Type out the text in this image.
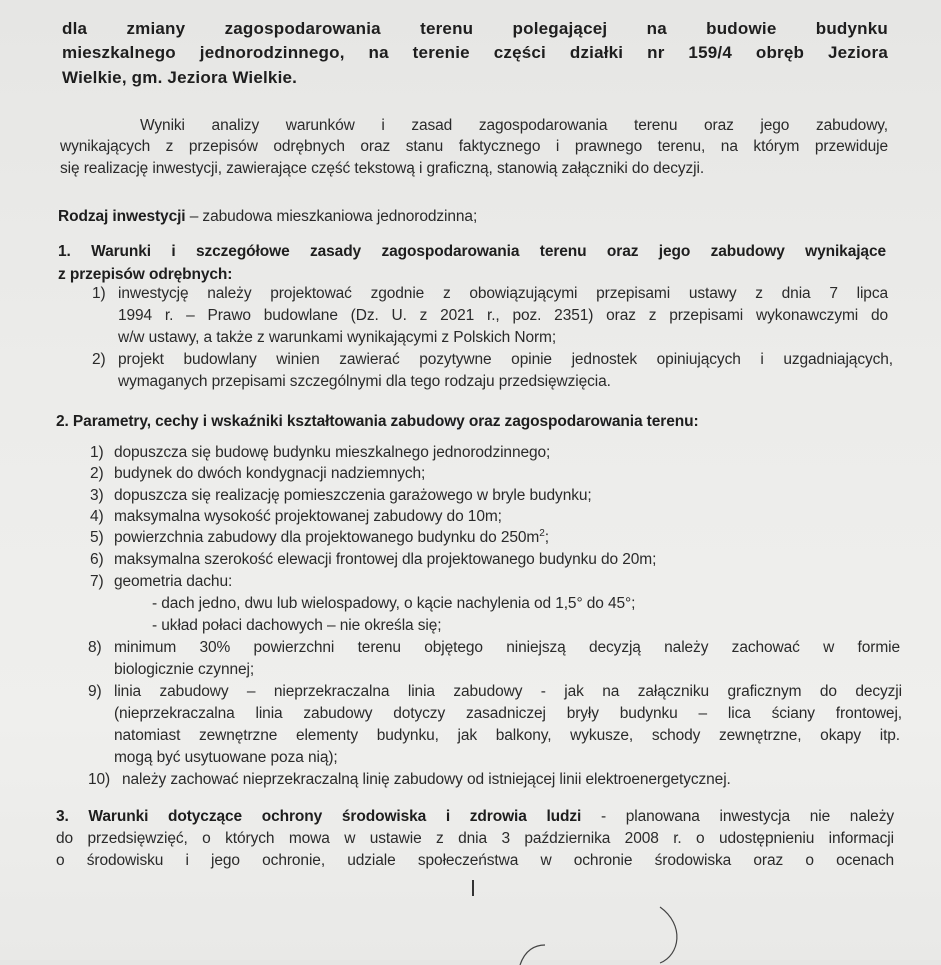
dla zmiany zagospodarowania terenu polegającej na budowie budynku
mieszkalnego jednorodzinnego, na terenie części działki nr 159/4 obręb Jeziora
Wielkie, gm. Jeziora Wielkie.
Wyniki analizy warunków i zasad zagospodarowania terenu oraz jego zabudowy,
wynikających z przepisów odrębnych oraz stanu faktycznego i prawnego terenu, na którym przewiduje
się realizację inwestycji, zawierające część tekstową i graficzną, stanowią załączniki do decyzji.
Rodzaj inwestycji – zabudowa mieszkaniowa jednorodzinna;
1. Warunki i szczegółowe zasady zagospodarowania terenu oraz jego zabudowy wynikające
z przepisów odrębnych:
1) inwestycję należy projektować zgodnie z obowiązującymi przepisami ustawy z dnia 7 lipca
1994 r. – Prawo budowlane (Dz. U. z 2021 r., poz. 2351) oraz z przepisami wykonawczymi do
w/w ustawy, a także z warunkami wynikającymi z Polskich Norm;
2) projekt budowlany winien zawierać pozytywne opinie jednostek opiniujących i uzgadniających,
wymaganych przepisami szczególnymi dla tego rodzaju przedsięwzięcia.
2. Parametry, cechy i wskaźniki kształtowania zabudowy oraz zagospodarowania terenu:
1) dopuszcza się budowę budynku mieszkalnego jednorodzinnego;
2) budynek do dwóch kondygnacji nadziemnych;
3) dopuszcza się realizację pomieszczenia garażowego w bryle budynku;
4) maksymalna wysokość projektowanej zabudowy do 10m;
5) powierzchnia zabudowy dla projektowanego budynku do $250m^2$;
6) maksymalna szerokość elewacji frontowej dla projektowanego budynku do 20m;
7) geometria dachu:
- dach jedno, dwu lub wielospadowy, o kącie nachylenia od 1,5° do 45°;
- układ połaci dachowych – nie określa się;
8) minimum 30% powierzchni terenu objętego niniejszą decyzją należy zachować w formie
biologicznie czynnej;
9) linia zabudowy – nieprzekraczalna linia zabudowy - jak na załączniku graficznym do decyzji
(nieprzekraczalna linia zabudowy dotyczy zasadniczej bryły budynku – lica ściany frontowej,
natomiast zewnętrzne elementy budynku, jak balkony, wykusze, schody zewnętrzne, okapy itp.
mogą być usytuowane poza nią);
10) należy zachować nieprzekraczalną linię zabudowy od istniejącej linii elektroenergetycznej.
3. Warunki dotyczące ochrony środowiska i zdrowia ludzi - planowana inwestycja nie należy
do przedsięwzięć, o których mowa w ustawie z dnia 3 października 2008 r. o udostępnieniu informacji
o środowisku i jego ochronie, udziale społeczeństwa w ochronie środowiska oraz o ocenach
